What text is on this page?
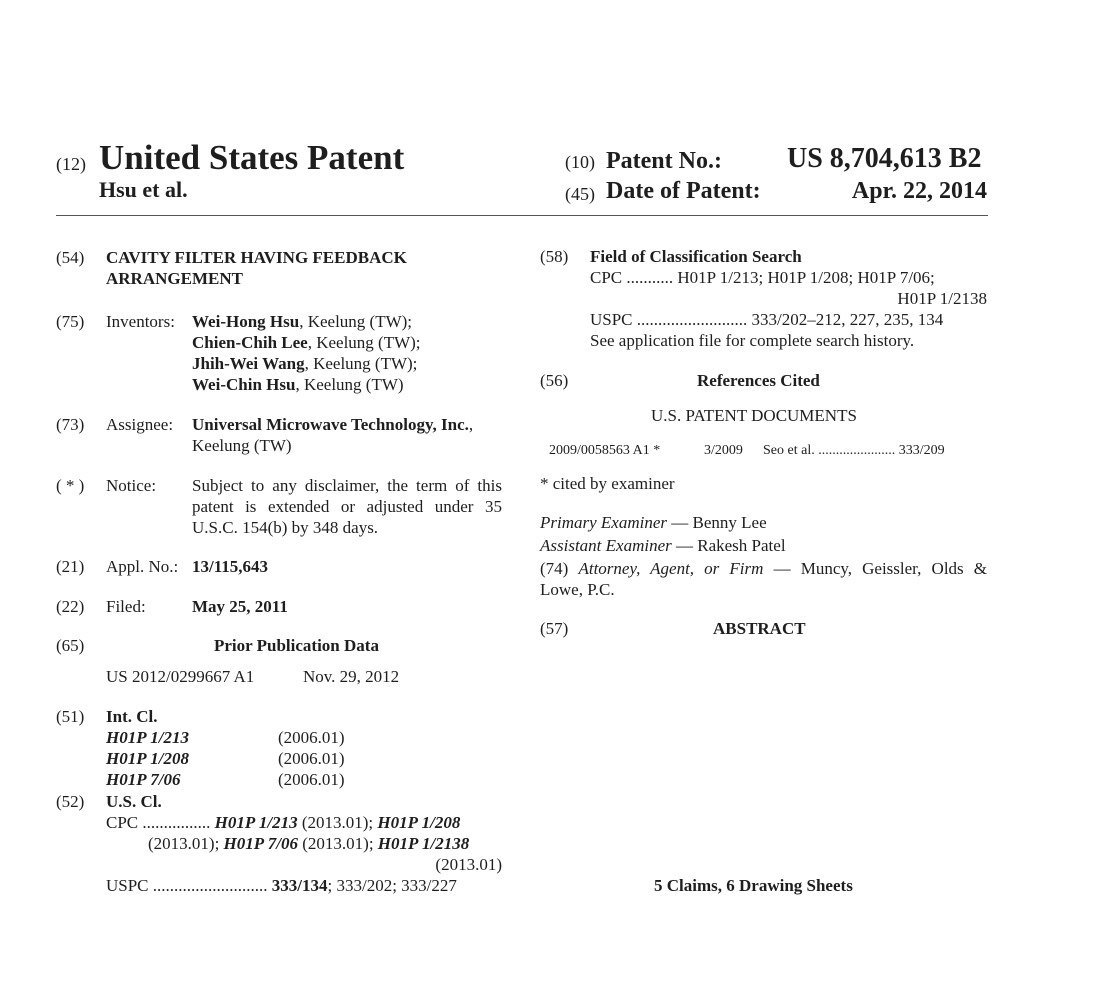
(12) United States Patent
Hsu et al.
(10) Patent No.: US 8,704,613 B2
(45) Date of Patent:	Apr. 22, 2014
(54) CAVITY FILTER HAVING FEEDBACK
ARRANGEMENT
(75) Inventors: Wei-Hong Hsu, Keelung (TW);
Chien-Chih Lee, Keelung (TW);
Jhih-Wei Wang, Keelung (TW);
Wei-Chin Hsu, Keelung (TW)
(73) Assignee: Universal Microwave Technology, Inc.,
Keelung (TW)
( * ) Notice: Subject to any disclaimer, the term of this
patent is extended or adjusted under 35
U.S.C. 154(b) by 348 days.
(21) Appl. No.: 13/115,643
(22) Filed:	May 25, 2011
(65)	Prior Publication Data
US 2012/0299667 A1	Nov. 29, 2012
(51) Int. Cl.
H01P 1/213	(2006.01)
H01P 1/208	(2006.01)
H01P 7/06	(2006.01)
(52) U.S. Cl.
CPC ................ H01P 1/213 (2013.01); H01P 1/208
(2013.01); H01P 7/06 (2013.01); H01P 1/2138
(2013.01)
USPC ........................... 333/134; 333/202; 333/227
(58) Field of Classification Search
CPC ........... H01P 1/213; H01P 1/208; H01P 7/06;
H01P 1/2138
USPC .......................... 333/202–212, 227, 235, 134
See application file for complete search history.
(56)	References Cited
U.S. PATENT DOCUMENTS
2009/0058563 A1 *	3/2009 Seo et al. ...................... 333/209
* cited by examiner
Primary Examiner — Benny Lee
Assistant Examiner — Rakesh Patel
(74) Attorney, Agent, or Firm — Muncy, Geissler, Olds &
Lowe, P.C.
(57)	ABSTRACT
5 Claims, 6 Drawing Sheets
